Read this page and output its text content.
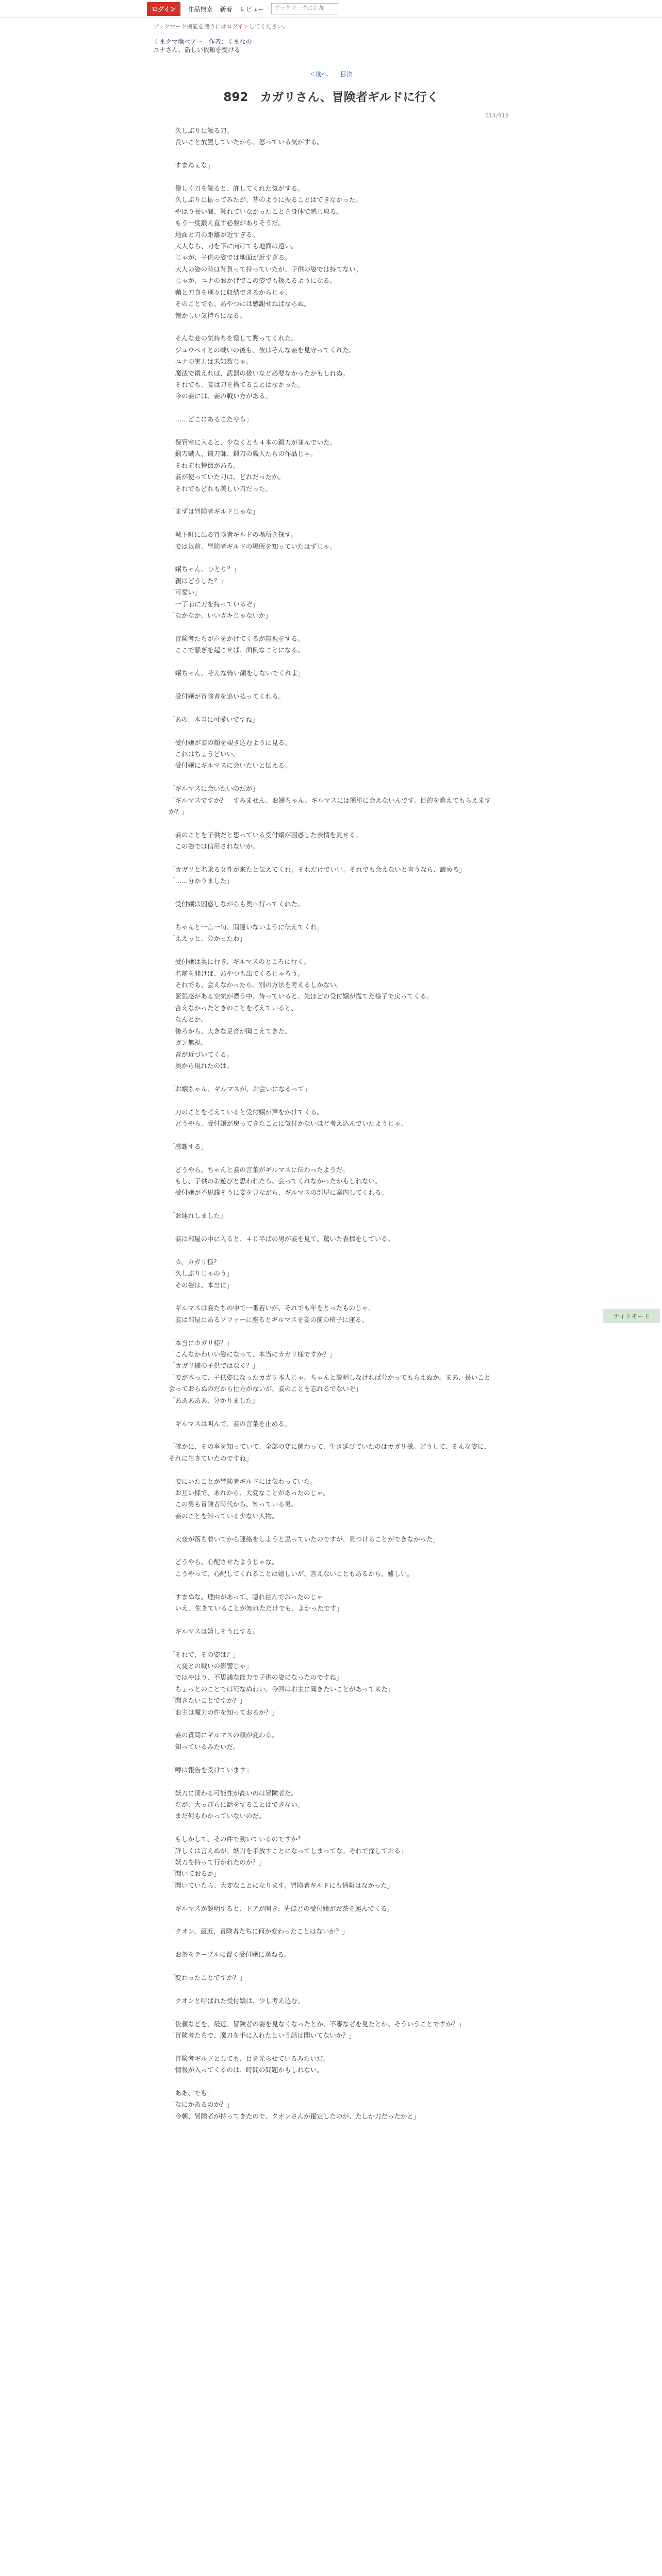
ログイン	作品検索 新着 レビュー	ブックマークに追加
ブックマーク機能を使うにはログインしてください。
くまクマ熊ベアー　作者：くまなの
ユナさん、新しい依頼を受ける
＜前へ 目次
814/919
892　カガリさん、冒険者ギルドに行く

　久しぶりに触る刀。
　長いこと放置していたから、怒っている気がする。

「すまねぇな」

　優しく刀を触ると、許してくれた気がする。
　久しぶりに振ってみたが、昔のように振ることはできなかった。
　やはり長い間、触れていなかったことを身体で感じ取る。
　もう一度鍛え直す必要がありそうだ。
　地面と刀の距離が近すぎる。
　大人なら、刀を下に向けても地面は遠い。
　じゃが、子供の姿では地面が近すぎる。
　大人の姿の時は背負って持っていたが、子供の姿では持てない。
　じゃが、ユナのおかげでこの姿でも扱えるようになる。
　鞘と刀身を別々に収納できるからじゃ。
　そのことでも、あやつには感謝せねばならぬ。
　懐かしい気持ちになる。

　そんな妾の気持ちを察して黙ってくれた。
　ジュウベイとの戦いの後も、彼はそんな妾を見守ってくれた。
　ユナの実力は未知数じゃ。
　魔法で鍛えれば、武器の扱いなど必要なかったかもしれぬ。
　それでも、妾は刀を捨てることはなかった。
　今の妾には、妾の戦い方がある。

「……どこにあるこたやら」

　保管室に入ると、少なくとも４本の鍛刀が並んでいた。
　鍛刀職人、鍛刀師、鍛刀の職人たちの作品じゃ。
　それぞれ特徴がある。
　妾が使っていた刀は、どれだったか。
　それでもどれも美しい刀だった。

「まずは冒険者ギルドじゃな」

　城下町に出る冒険者ギルドの場所を探す。
　妾は以前、冒険者ギルドの場所を知っていたはずじゃ。

「嬢ちゃん、ひとり？」
「親はどうした？」
「可愛い」
「一丁前に刀を持っているぞ」
「なかなか、いいガキじゃないか」

　冒険者たちが声をかけてくるが無視をする。
　ここで騒ぎを起こせば、面倒なことになる。

「嬢ちゃん、そんな怖い顔をしないでくれよ」

　受付嬢が冒険者を追い払ってくれる。

「あの、本当に可愛いですね」

　受付嬢が妾の顔を覗き込むように見る。
　これはちょうどいい。
　受付嬢にギルマスに会いたいと伝える。

「ギルマスに会いたいのだが」
「ギルマスですか？　すみません、お嬢ちゃん。ギルマスには簡単に会えないんです。目的を教えてもらえますか？」

　妾のことを子供だと思っている受付嬢が困惑した表情を見せる。
　この姿では信用されないか。

「カガリと名乗る女性が来たと伝えてくれ。それだけでいい。それでも会えないと言うなら、諦める」
「……分かりました」

　受付嬢は困惑しながらも奥へ行ってくれた。

「ちゃんと一言一句、間違いないように伝えてくれ」
「ええっと、分かったわ」

　受付嬢は奥に行き、ギルマスのところに行く。
　名前を聞けば、あやつも出てくるじゃろう。
　それでも、会えなかったら、別の方法を考えるしかない。
　緊張感がある空気が漂う中、待っていると、先ほどの受付嬢が慌てた様子で戻ってくる。
　合えなかったときのことを考えていると、
　なんとか。
　後ろから、大きな足音が聞こえてきた。
　ガン無視。
　音が近づいてくる。
　奥から現れたのは。

「お嬢ちゃん、ギルマスが、お会いになるって」

　刀のことを考えていると受付嬢が声をかけてくる。
　どうやら、受付嬢が戻ってきたことに気付かないほど考え込んでいたようじゃ。

「感謝する」

　どうやら、ちゃんと妾の言葉がギルマスに伝わったようだ。
　もし、子供のお遊びと思われたら、会ってくれなかったかもしれない。
　受付嬢が不思議そうに妾を見ながら、ギルマスの部屋に案内してくれる。

「お連れしました」

　妾は部屋の中に入ると、４０半ばの男が妾を見て、驚いた表情をしている。

「カ、カガリ様？」
「久しぶりじゃのう」
「その姿は、本当に」

　ギルマスは妾たちの中で一番若いが、それでも年をとったものじゃ。
　妾は部屋にあるソファーに座るとギルマスを妾の前の椅子に座る。

「本当にカガリ様？」
「こんなかわいい姿になって、本当にカガリ様ですか？」
「カガリ様の子供ではなく？」
「妾が本って、子供姿になったカガリ本人じゃ。ちゃんと説明しなければ分かってもらえぬか。まあ、長いこと会っておらぬのだから仕方がないが、妾のことを忘れるでないぞ」
「あああああ、分かりました」

　ギルマスは叫んで、妾の言葉を止める。

「確かに、その事を知っていて、全部の変に関わって、生き延びていたのはカガリ様。どうして、そんな姿に、それに生きていたのですね」

　妾にいたことが冒険者ギルドには伝わっていた。
　お互い様で、あれから、大変なことがあったのじゃ。
　この男も冒険者時代から、知っている男。
　妾のことを知っている少ない人物。

「大変が落ち着いてから連絡をしようと思っていたのですが、見つけることができなかった」

　どうやら、心配させたようじゃな。
　こうやって、心配してくれることは嬉しいが、言えないこともあるから、難しい。

「すまぬな。理由があって、隠れ住んでおったのじゃ」
「いえ、生きていることが知れただけでも、よかったです」

　ギルマスは嬉しそうにする。

「それで、その姿は？」
「大変との戦いの影響じゃ」
「ではやはり、不思議な能力で子供の姿になったのですね」
「ちょっとのことでは死なぬわい。今回はお主に聞きたいことがあって来た」
「聞きたいことですか？」
「お主は魔力の件を知っておるか？」

　妾の質問にギルマスの顔が変わる。
　知っているみたいだ。

「噂は報告を受けています」

　妖刀に関わる可能性が高いのは冒険者だ。
　だが、大っぴらに話をすることはできない。
　まだ何もわかっていないのだ。

「もしかして、その件で動いているのですか？」
「詳しくは言えぬが、妖刀を手放すことになってしまってな。それで探しておる」
「妖刀を持って行かれたのか？」
「聞いておるか」
「聞いていたら、大変なことになります。冒険者ギルドにも情報はなかった」

　ギルマスが説明すると、ドアが開き、先ほどの受付嬢がお茶を運んでくる。

「クオン、最近、冒険者たちに何か変わったことはないか？」

　お茶をテーブルに置く受付嬢に尋ねる。

「変わったことですか？」

　クオンと呼ばれた受付嬢は、少し考え込む。

「依頼などを、最近、冒険者の姿を見なくなったとか、不審な者を見たとか、そういうことですか？」
「冒険者たちで、魔刀を手に入れたという話は聞いてないか？」

　冒険者ギルドとしても、目を光らせているみたいだ。
　情報が入ってくるのは、時間の問題かもしれない。

「ああ、でも」
「なにかあるのか？」
「今朝、冒険者が持ってきたので、クオンさんが鑑定したのが、たしか刀だったかと」

ナイトモード
